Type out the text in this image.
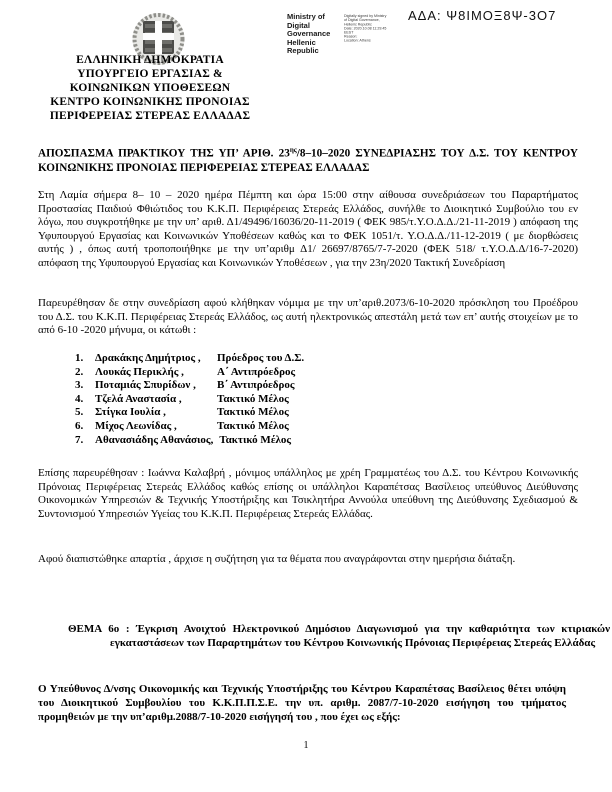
Ministry of Digital
Governance
Hellenic Republic
Digitally signed by Ministry
of Digital Governance,
Hellenic Republic
Date: 2020.10.08 11:29:45
EEST
Reason:
Location: Athens
ΑΔΑ: Ψ8ΙΜΟΞ8Ψ-3Ο7
ΕΛΛΗΝΙΚΗ ΔΗΜΟΚΡΑΤΙΑ
ΥΠΟΥΡΓΕΙΟ ΕΡΓΑΣΙΑΣ &
ΚΟΙΝΩΝΙΚΩΝ ΥΠΟΘΕΣΕΩΝ
ΚΕΝΤΡΟ ΚΟΙΝΩΝΙΚΗΣ ΠΡΟΝΟΙΑΣ
ΠΕΡΙΦΕΡΕΙΑΣ ΣΤΕΡΕΑΣ ΕΛΛΑΔΑΣ
ΑΠΟΣΠΑΣΜΑ ΠΡΑΚΤΙΚΟΥ ΤΗΣ ΥΠ’ ΑΡΙΘ. $23^{\eta\varsigma}/8-10-2020$ ΣΥΝΕΔΡΙΑΣΗΣ ΤΟΥ Δ.Σ. ΤΟΥ ΚΕΝΤΡΟΥ ΚΟΙΝΩΝΙΚΗΣ ΠΡΟΝΟΙΑΣ ΠΕΡΙΦΕΡΕΙΑΣ ΣΤΕΡΕΑΣ ΕΛΛΑΔΑΣ
Στη Λαμία σήμερα 8– 10 – 2020 ημέρα Πέμπτη και ώρα 15:00 στην αίθουσα συνεδριάσεων του Παραρτήματος Προστασίας Παιδιού Φθιώτιδος του Κ.Κ.Π. Περιφέρειας Στερεάς Ελλάδος, συνήλθε το Διοικητικό Συμβούλιο του εν λόγω, που συγκροτήθηκε με την υπ’ αριθ. Δ1/49496/16036/20-11-2019 ( ΦΕΚ 985/τ.Υ.Ο.Δ.Δ./21-11-2019 ) απόφαση της Υφυπουργού Εργασίας και Κοινωνικών Υποθέσεων καθώς και το ΦΕΚ 1051/τ. Υ.Ο.Δ.Δ./11-12-2019 ( με διορθώσεις αυτής ) , όπως αυτή τροποποιήθηκε με την υπ’αριθμ Δ1/ 26697/8765/7-7-2020 (ΦΕΚ 518/ τ.Υ.Ο.Δ.Δ/16-7-2020) απόφαση της Υφυπουργού Εργασίας και Κοινωνικών Υποθέσεων , για την 23η/2020 Τακτική Συνεδρίαση
Παρευρέθησαν δε στην συνεδρίαση αφού κλήθηκαν νόμιμα με την υπ’αριθ.2073/6-10-2020 πρόσκληση του Προέδρου του Δ.Σ. του Κ.Κ.Π. Περιφέρειας Στερεάς Ελλάδος, ως αυτή ηλεκτρονικώς απεστάλη μετά των επ’ αυτής στοιχείων με το από 6-10 -2020 μήνυμα, οι κάτωθι :
1.	Δρακάκης Δημήτριος ,	Πρόεδρος του Δ.Σ.
2.	Λουκάς Περικλής ,	Α΄ Αντιπρόεδρος
3.	Ποταμιάς Σπυρίδων ,	Β΄ Αντιπρόεδρος
4.	Τζελά Αναστασία ,	Τακτικό Μέλος
5.	Στίγκα Ιουλία ,	Τακτικό Μέλος
6.	Μίχος Λεωνίδας ,	Τακτικό Μέλος
7.	Αθανασιάδης Αθανάσιος, Τακτικό Μέλος
Επίσης παρευρέθησαν : Ιωάννα Καλαβρή , μόνιμος υπάλληλος με χρέη Γραμματέως του Δ.Σ. του Κέντρου Κοινωνικής Πρόνοιας Περιφέρειας Στερεάς Ελλάδος καθώς επίσης οι υπάλληλοι Καραπέτσας Βασίλειος υπεύθυνος Διεύθυνσης Οικονομικών Υπηρεσιών & Τεχνικής Υποστήριξης και Τσικλητήρα Αννούλα υπεύθυνη της Διεύθυνσης Σχεδιασμού & Συντονισμού Υπηρεσιών Υγείας του Κ.Κ.Π. Περιφέρειας Στερεάς Ελλάδας.
Αφού διαπιστώθηκε απαρτία , άρχισε η συζήτηση για τα θέματα που αναγράφονται στην ημερήσια διάταξη.
ΘΕΜΑ 6ο : Έγκριση Ανοιχτού Ηλεκτρονικού Δημόσιου Διαγωνισμού για την καθαριότητα των κτιριακών εγκαταστάσεων των Παραρτημάτων του Κέντρου Κοινωνικής Πρόνοιας Περιφέρειας Στερεάς Ελλάδας
Ο Υπεύθυνος Δ/νσης Οικονομικής και Τεχνικής Υποστήριξης του Κέντρου Καραπέτσας Βασίλειος θέτει υπόψη του Διοικητικού Συμβουλίου του Κ.Κ.Π.Π.Σ.Ε. την υπ. αριθμ. 2087/7-10-2020 εισήγηση του τμήματος προμηθειών με την υπ’αριθμ.2088/7-10-2020 εισήγησή του , που έχει ως εξής:
1
